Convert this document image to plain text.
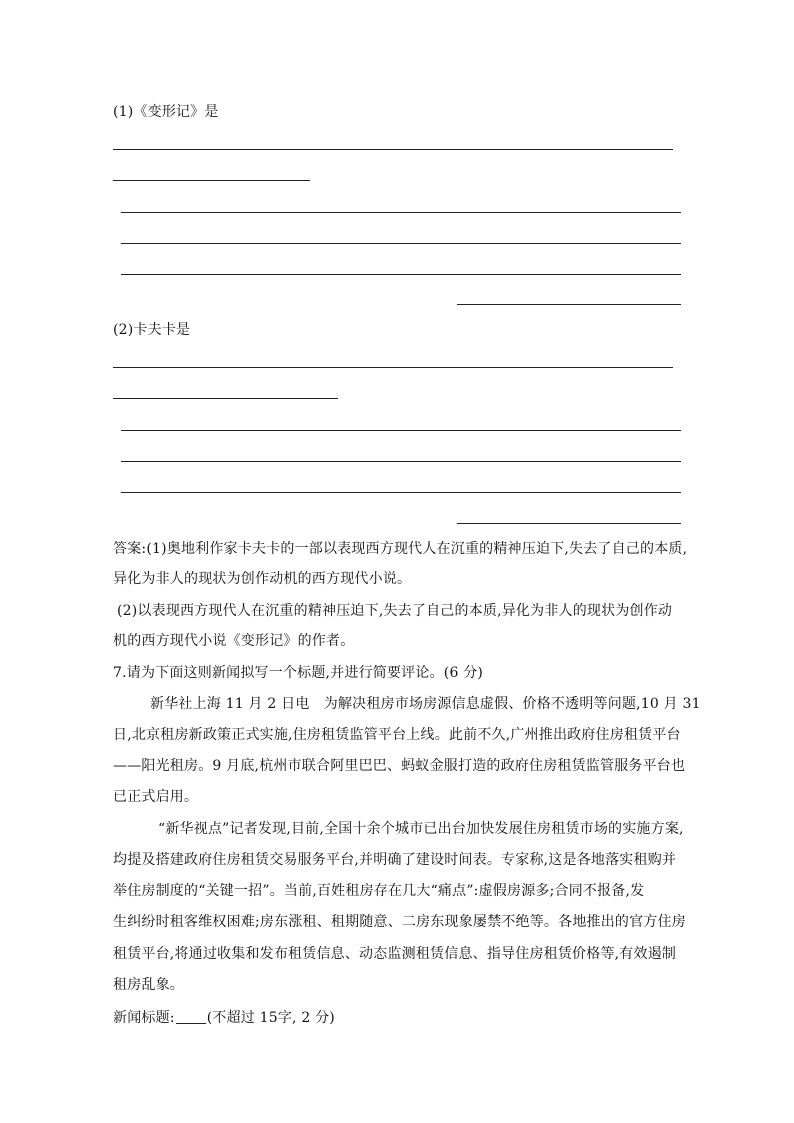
(1)《变形记》是
(2)卡夫卡是
答案:(1)奥地利作家卡夫卡的一部以表现西方现代人在沉重的精神压迫下,失去了自己的本质,
异化为非人的现状为创作动机的西方现代小说。
(2)以表现西方现代人在沉重的精神压迫下,失去了自己的本质,异化为非人的现状为创作动
机的西方现代小说《变形记》的作者。
7.请为下面这则新闻拟写一个标题,并进行简要评论。(6 分)
新华社上海 11 月 2 日电　为解决租房市场房源信息虚假、价格不透明等问题,10 月 31
日,北京租房新政策正式实施,住房租赁监管平台上线。此前不久,广州推出政府住房租赁平台
——阳光租房。9 月底,杭州市联合阿里巴巴、蚂蚁金服打造的政府住房租赁监管服务平台也
已正式启用。
“新华视点”记者发现,目前,全国十余个城市已出台加快发展住房租赁市场的实施方案,
均提及搭建政府住房租赁交易服务平台,并明确了建设时间表。专家称,这是各地落实租购并
举住房制度的“关键一招”。当前,百姓租房存在几大“痛点”:虚假房源多;合同不报备,发
生纠纷时租客维权困难;房东涨租、租期随意、二房东现象屡禁不绝等。各地推出的官方住房
租赁平台,将通过收集和发布租赁信息、动态监测租赁信息、指导住房租赁价格等,有效遏制
租房乱象。
新闻标题: (不超过 15字, 2 分)
